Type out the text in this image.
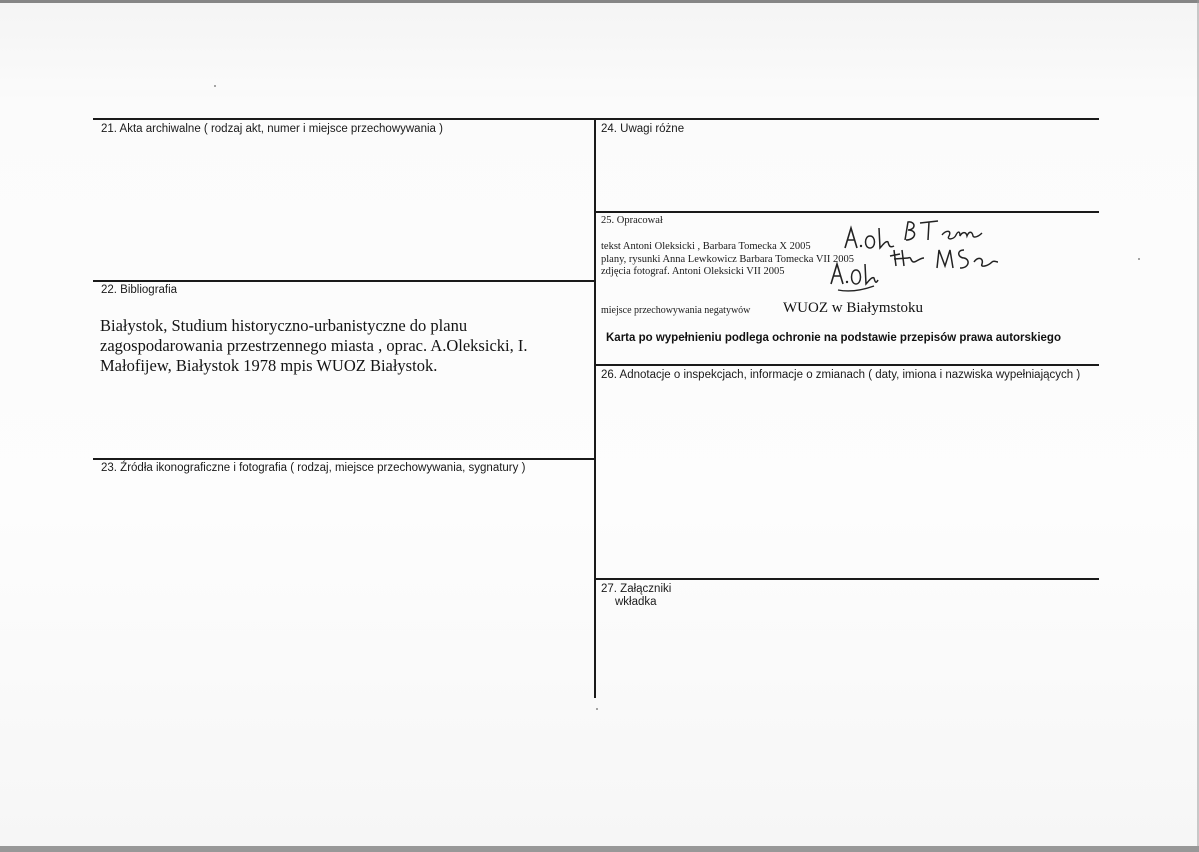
21. Akta archiwalne ( rodzaj akt, numer i miejsce przechowywania )
22. Bibliografia
Białystok, Studium historyczno-urbanistyczne do planu
zagospodarowania przestrzennego miasta , oprac. A.Oleksicki, I.
Małofijew, Białystok 1978 mpis WUOZ Białystok.
23. Źródła ikonograficzne i fotografia ( rodzaj, miejsce przechowywania, sygnatury )
24. Uwagi różne
25. Opracował
tekst Antoni Oleksicki , Barbara Tomecka X 2005
plany, rysunki Anna Lewkowicz Barbara Tomecka VII 2005
zdjęcia fotograf. Antoni Oleksicki VII 2005
miejsce przechowywania negatywów WUOZ w Białymstoku
Karta po wypełnieniu podlega ochronie na podstawie przepisów prawa autorskiego
26. Adnotacje o inspekcjach, informacje o zmianach ( daty, imiona i nazwiska wypełniających )
27. Załączniki
wkładka
